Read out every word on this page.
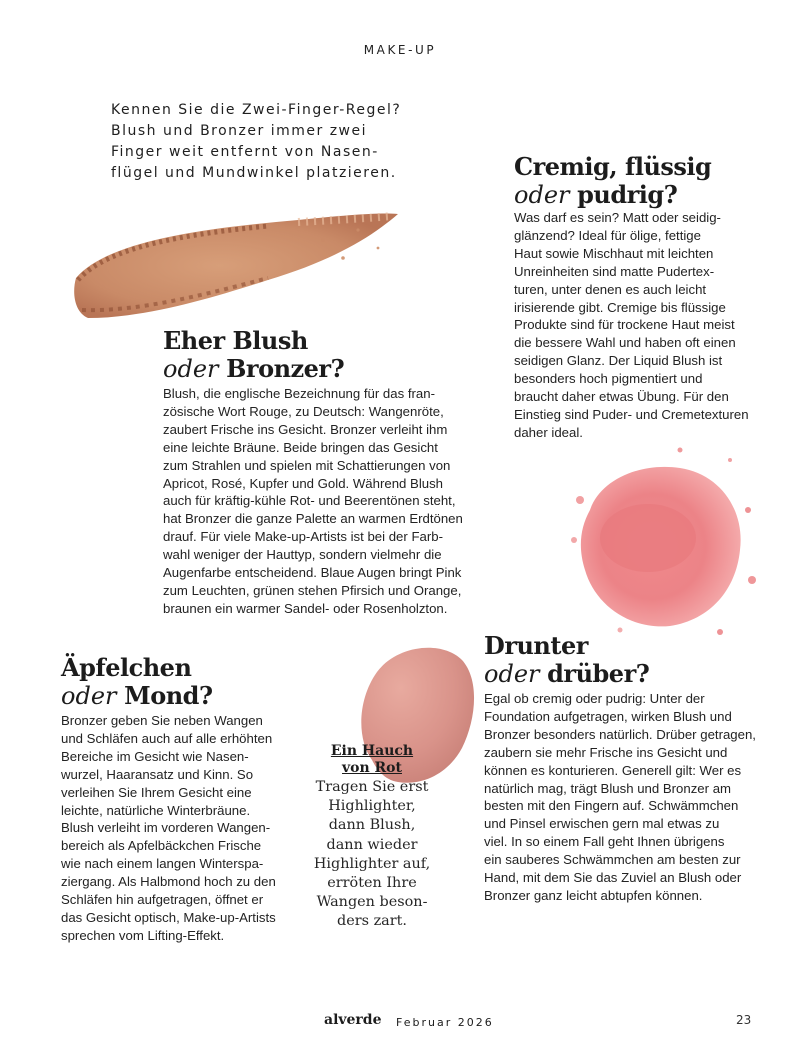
MAKE-UP
Kennen Sie die Zwei-Finger-Regel?
Blush und Bronzer immer zwei
Finger weit entfernt von Nasen-
flügel und Mundwinkel platzieren.
Eher Blush
oder Bronzer?
Blush, die englische Bezeichnung für das fran-
zösische Wort Rouge, zu Deutsch: Wangenröte,
zaubert Frische ins Gesicht. Bronzer verleiht ihm
eine leichte Bräune. Beide bringen das Gesicht
zum Strahlen und spielen mit Schattierungen von
Apricot, Rosé, Kupfer und Gold. Während Blush
auch für kräftig-kühle Rot- und Beerentönen steht,
hat Bronzer die ganze Palette an warmen Erdtönen
drauf. Für viele Make-up-Artists ist bei der Farb-
wahl weniger der Hauttyp, sondern vielmehr die
Augenfarbe entscheidend. Blaue Augen bringt Pink
zum Leuchten, grünen stehen Pfirsich und Orange,
braunen ein warmer Sandel- oder Rosenholzton.
Cremig, flüssig
oder pudrig?
Was darf es sein? Matt oder seidig-
glänzend? Ideal für ölige, fettige
Haut sowie Mischhaut mit leichten
Unreinheiten sind matte Pudertex-
turen, unter denen es auch leicht
irisierende gibt. Cremige bis flüssige
Produkte sind für trockene Haut meist
die bessere Wahl und haben oft einen
seidigen Glanz. Der Liquid Blush ist
besonders hoch pigmentiert und
braucht daher etwas Übung. Für den
Einstieg sind Puder- und Cremetexturen
daher ideal.
Äpfelchen
oder Mond?
Bronzer geben Sie neben Wangen
und Schläfen auch auf alle erhöhten
Bereiche im Gesicht wie Nasen-
wurzel, Haaransatz und Kinn. So
verleihen Sie Ihrem Gesicht eine
leichte, natürliche Winterbräune.
Blush verleiht im vorderen Wangen-
bereich als Apfelbäckchen Frische
wie nach einem langen Winterspa-
ziergang. Als Halbmond hoch zu den
Schläfen hin aufgetragen, öffnet er
das Gesicht optisch, Make-up-Artists
sprechen vom Lifting-Effekt.
Ein Hauch
von Rot
Tragen Sie erst
Highlighter,
dann Blush,
dann wieder
Highlighter auf,
erröten Ihre
Wangen beson-
ders zart.
Drunter
oder drüber?
Egal ob cremig oder pudrig: Unter der
Foundation aufgetragen, wirken Blush und
Bronzer besonders natürlich. Drüber getragen,
zaubern sie mehr Frische ins Gesicht und
können es konturieren. Generell gilt: Wer es
natürlich mag, trägt Blush und Bronzer am
besten mit den Fingern auf. Schwämmchen
und Pinsel erwischen gern mal etwas zu
viel. In so einem Fall geht Ihnen übrigens
ein sauberes Schwämmchen am besten zur
Hand, mit dem Sie das Zuviel an Blush oder
Bronzer ganz leicht abtupfen können.
alverde Februar 2026	23
